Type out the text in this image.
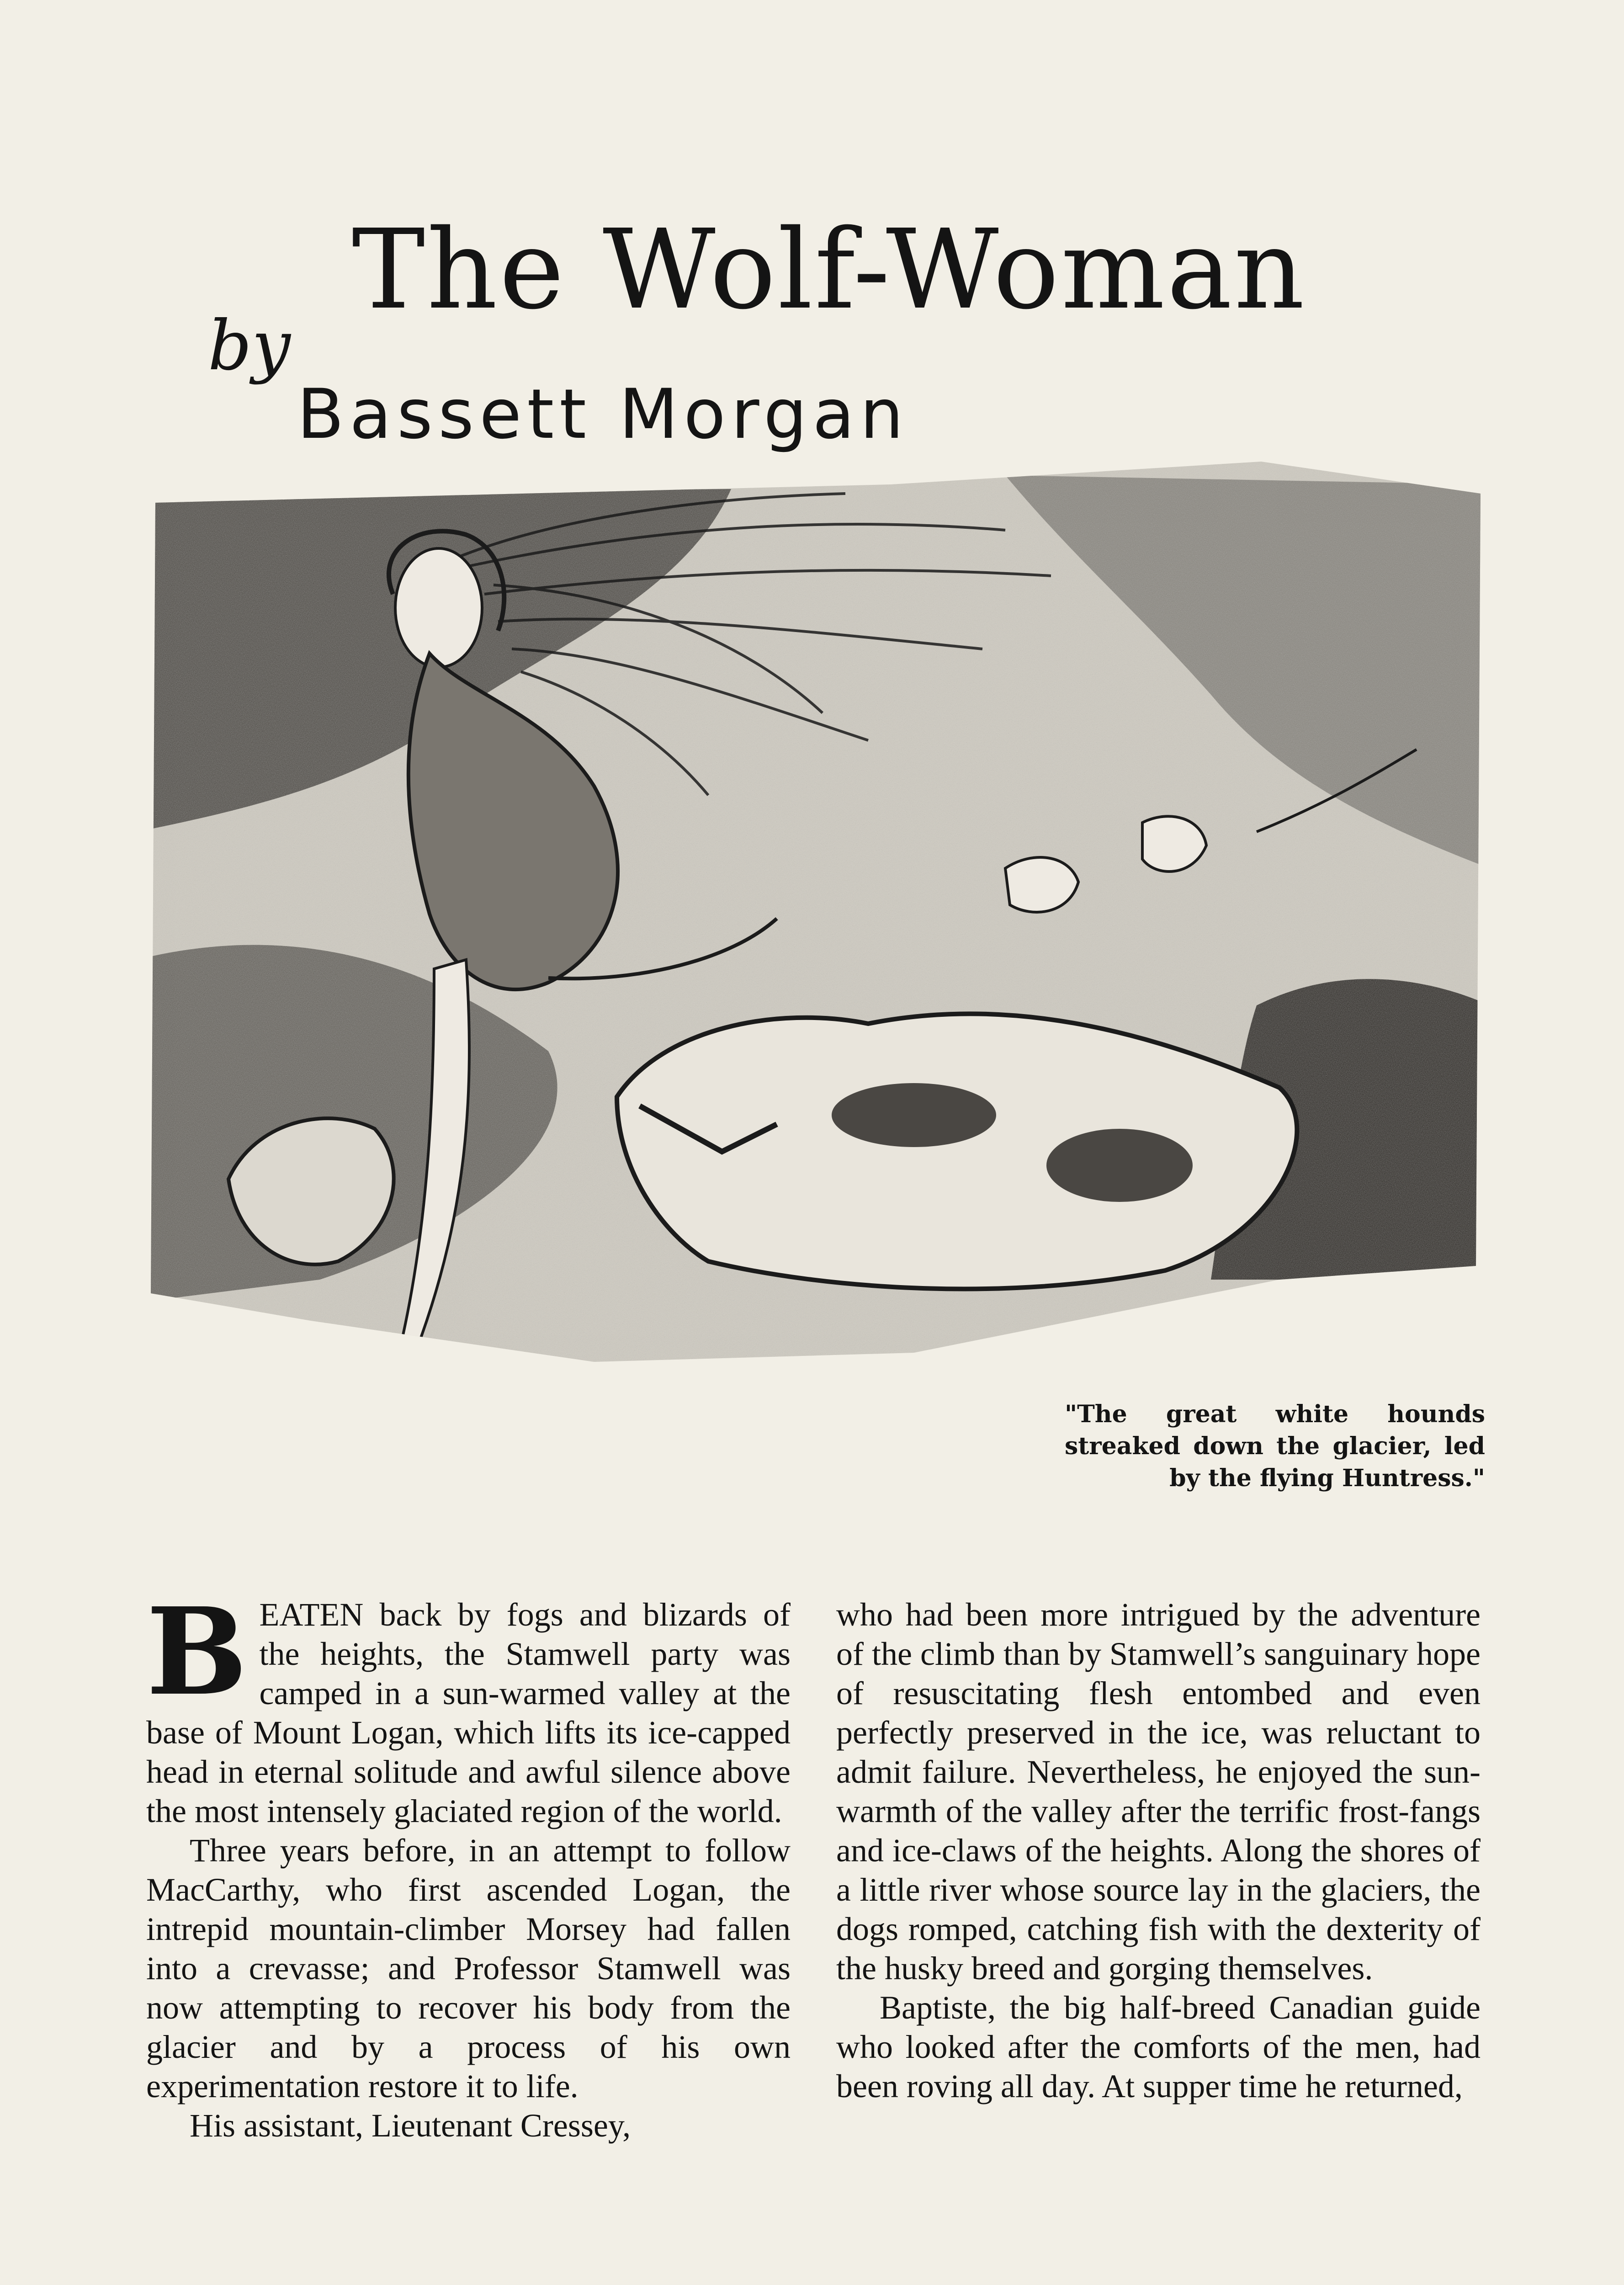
The Wolf-Woman
by
Bassett Morgan
"The great white hounds streaked down the glacier, led by the flying Huntress."

BEATEN back by fogs and blizards of the heights, the Stamwell party was camped in a sun-warmed valley at the base of Mount Logan, which lifts its ice-capped head in eternal solitude and awful silence above the most intensely glaciated region of the world.

Three years before, in an attempt to follow MacCarthy, who first ascended Logan, the intrepid mountain-climber Morsey had fallen into a crevasse; and Professor Stamwell was now attempting to recover his body from the glacier and by a process of his own experimentation restore it to life.

His assistant, Lieutenant Cressey,

who had been more intrigued by the adventure of the climb than by Stamwell’s sanguinary hope of resuscitating flesh entombed and even perfectly preserved in the ice, was reluctant to admit failure. Nevertheless, he enjoyed the sun-warmth of the valley after the terrific frost-fangs and ice-claws of the heights. Along the shores of a little river whose source lay in the glaciers, the dogs romped, catching fish with the dexterity of the husky breed and gorging themselves.

Baptiste, the big half-breed Canadian guide who looked after the comforts of the men, had been roving all day. At supper time he returned,
